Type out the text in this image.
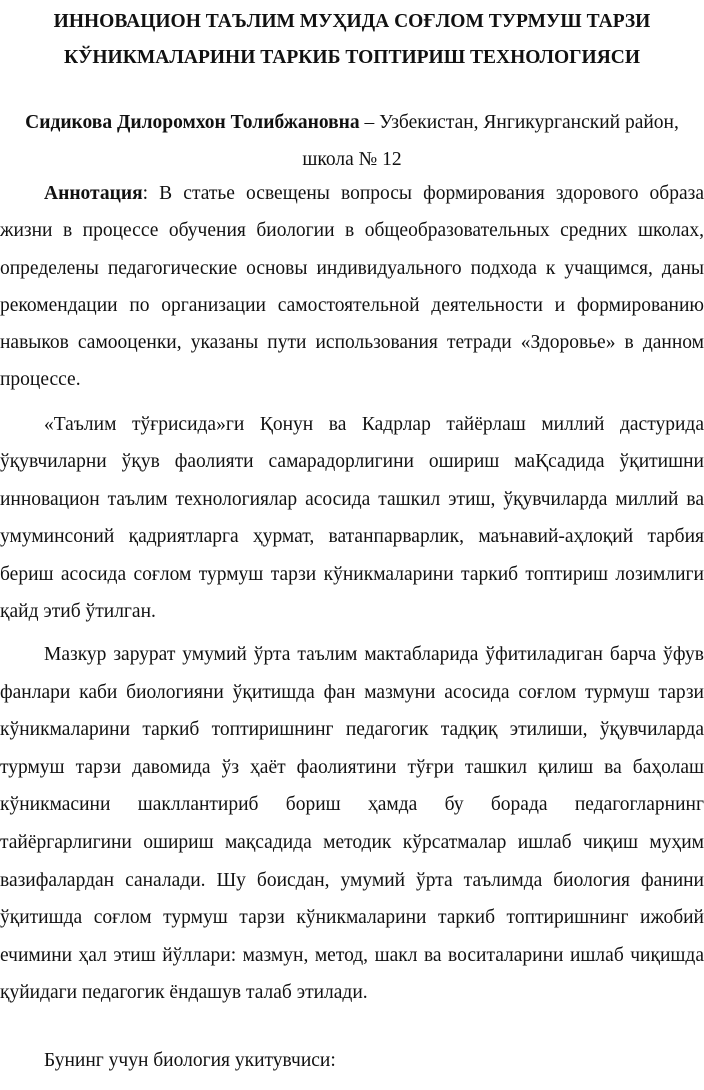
ИННОВАЦИОН ТАЪЛИМ МУҲИДА СОҒЛОМ ТУРМУШ ТАРЗИ КЎНИКМАЛАРИНИ ТАРКИБ ТОПТИРИШ ТЕХНОЛОГИЯСИ

Сидикова Дилоромхон Толибжановна – Узбекистан, Янгикурганский район, школа № 12

Аннотация: В статье освещены вопросы формирования здорового образа жизни в процессе обучения биологии в общеобразовательных средних школах, определены педагогические основы индивидуального подхода к учащимся, даны рекомендации по организации самостоятельной деятельности и формированию навыков самооценки, указаны пути использования тетради «Здоровье» в данном процессе.

«Таълим тўғрисида»ги Қонун ва Кадрлар тайёрлаш миллий дастурида ўқувчиларни ўқув фаолияти самарадорлигини ошириш маҚсадида ўқитишни инновацион таълим технологиялар асосида ташкил этиш, ўқувчиларда миллий ва умуминсоний қадриятларга ҳурмат, ватанпарварлик, маънавий-аҳлоқий тарбия бериш асосида соғлом турмуш тарзи кўникмаларини таркиб топтириш лозимлиги қайд этиб ўтилган.

Мазкур зарурат умумий ўрта таълим мактабларида ўфитиладиган барча ўфув фанлари каби биологияни ўқитишда фан мазмуни асосида соғлом турмуш тарзи кўникмаларини таркиб топтиришнинг педагогик тадқиқ этилиши, ўқувчиларда турмуш тарзи давомида ўз ҳаёт фаолиятини тўғри ташкил қилиш ва баҳолаш кўникмасини шакллантириб бориш ҳамда бу борада педагогларнинг тайёргарлигини ошириш мақсадида методик кўрсатмалар ишлаб чиқиш муҳим вазифалардан саналади. Шу боисдан, умумий ўрта таълимда биология фанини ўқитишда соғлом турмуш тарзи кўникмаларини таркиб топтиришнинг ижобий ечимини ҳал этиш йўллари: мазмун, метод, шакл ва воситаларини ишлаб чиқишда қуйидаги педагогик ёндашув талаб этилади.

Бунинг учун биология укитувчиси:
